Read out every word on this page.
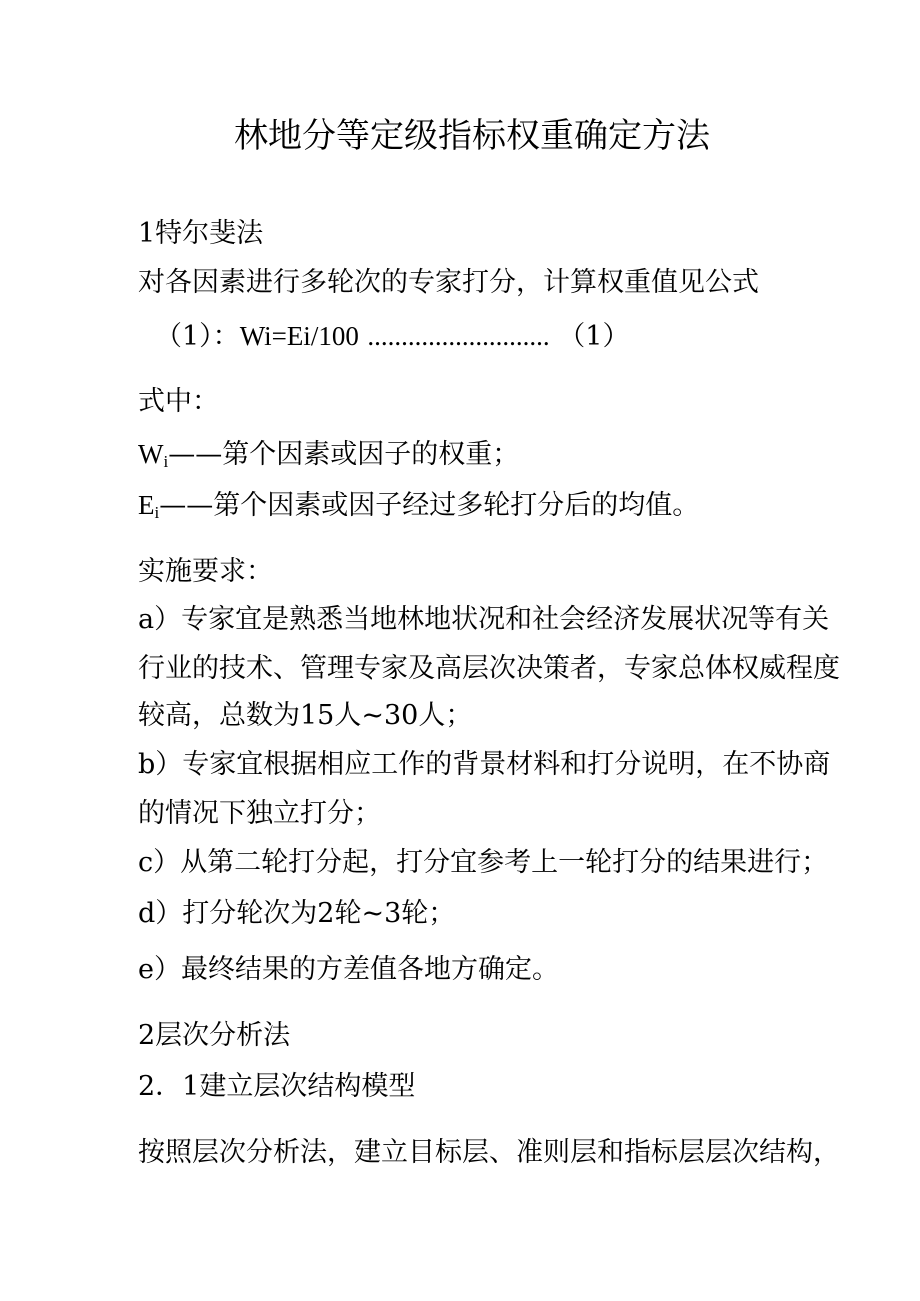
林地分等定级指标权重确定方法
1特尔斐法
对各因素进行多轮次的专家打分，计算权重值见公式
（1）：Wi=Ei/100 ........................... （1）
式中：
$W_i——$第个因素或因子的权重；
$E_i——$第个因素或因子经过多轮打分后的均值。
实施要求：
a）专家宜是熟悉当地林地状况和社会经济发展状况等有关
行业的技术、管理专家及高层次决策者，专家总体权威程度
较高，总数为15人~30人；
b）专家宜根据相应工作的背景材料和打分说明，在不协商
的情况下独立打分；
c）从第二轮打分起，打分宜参考上一轮打分的结果进行；
d）打分轮次为2轮~3轮；
e）最终结果的方差值各地方确定。
2层次分析法
2．1建立层次结构模型
按照层次分析法，建立目标层、准则层和指标层层次结构，
